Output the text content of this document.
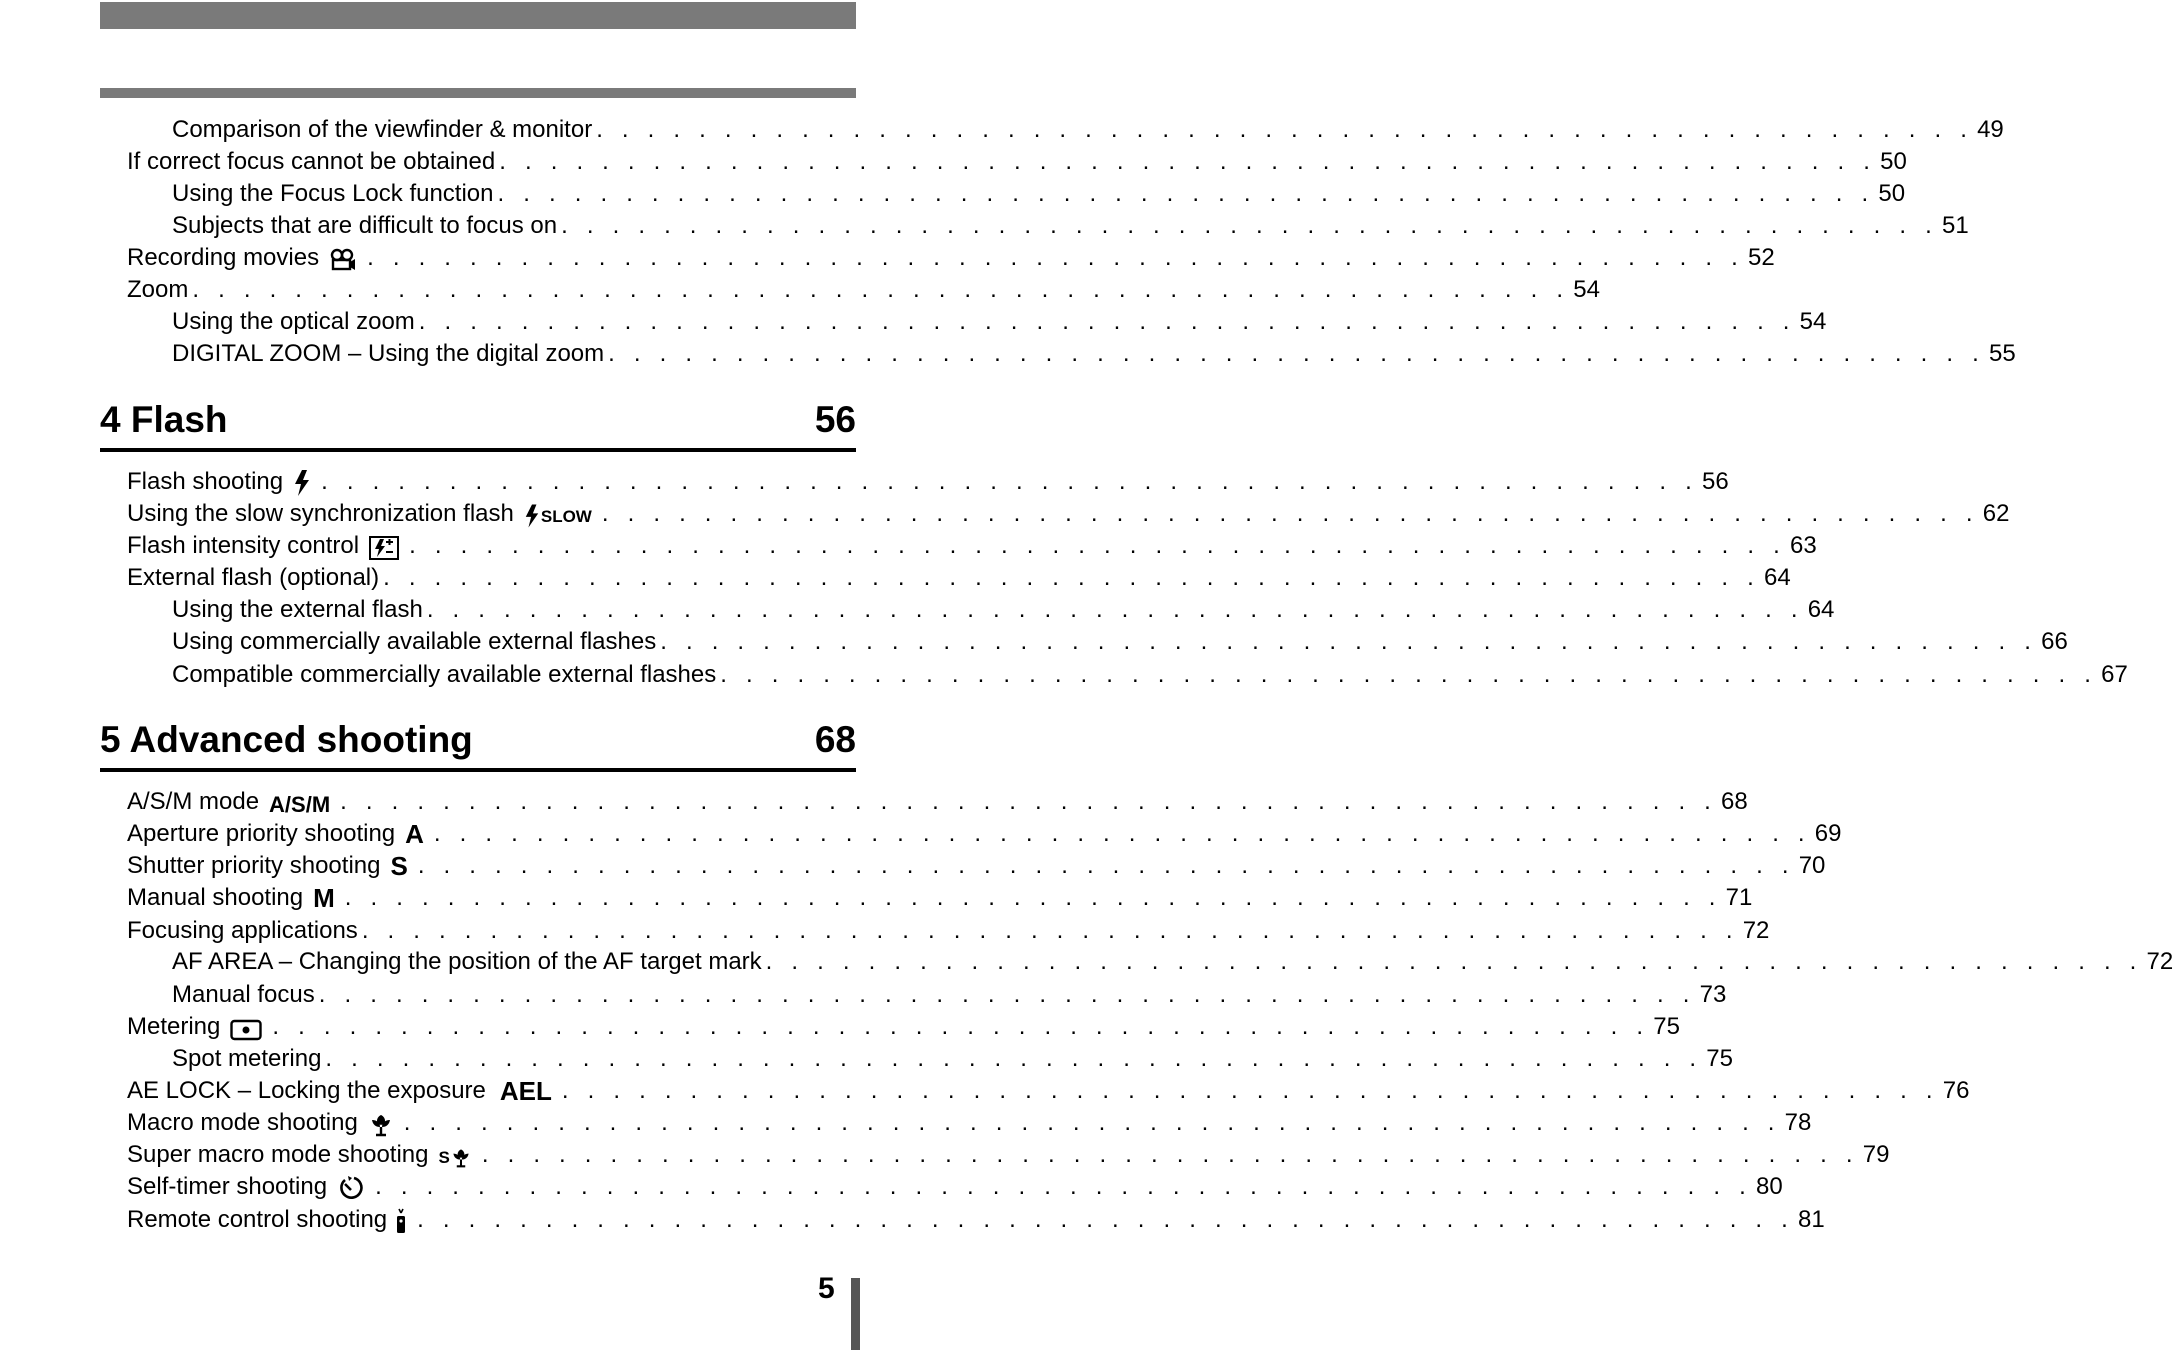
Comparison of the viewfinder & monitor . . . . . . . . . . . . . . . . . . . . . . . . . . . . . . . . . . . . . . . . . . . . . . . . . . . . . . 49
If correct focus cannot be obtained . . . . . . . . . . . . . . . . . . . . . . . . . . . . . . . . . . . . . . . . . . . . . . . . . . . . . . 50
Using the Focus Lock function . . . . . . . . . . . . . . . . . . . . . . . . . . . . . . . . . . . . . . . . . . . . . . . . . . . . . . 50
Subjects that are difficult to focus on . . . . . . . . . . . . . . . . . . . . . . . . . . . . . . . . . . . . . . . . . . . . . . . . . . . . . . 51
Recording movies . . . . . . . . . . . . . . . . . . . . . . . . . . . . . . . . . . . . . . . . . . . . . . . . . . . . . . 52
Zoom . . . . . . . . . . . . . . . . . . . . . . . . . . . . . . . . . . . . . . . . . . . . . . . . . . . . . . 54
Using the optical zoom . . . . . . . . . . . . . . . . . . . . . . . . . . . . . . . . . . . . . . . . . . . . . . . . . . . . . . 54
DIGITAL ZOOM – Using the digital zoom . . . . . . . . . . . . . . . . . . . . . . . . . . . . . . . . . . . . . . . . . . . . . . . . . . . . . . 55
4 Flash	56
Flash shooting . . . . . . . . . . . . . . . . . . . . . . . . . . . . . . . . . . . . . . . . . . . . . . . . . . . . . . 56
Using the slow synchronization flash SLOW . . . . . . . . . . . . . . . . . . . . . . . . . . . . . . . . . . . . . . . . . . . . . . . . . . . . . . 62
Flash intensity control . . . . . . . . . . . . . . . . . . . . . . . . . . . . . . . . . . . . . . . . . . . . . . . . . . . . . . 63
External flash (optional) . . . . . . . . . . . . . . . . . . . . . . . . . . . . . . . . . . . . . . . . . . . . . . . . . . . . . . 64
Using the external flash . . . . . . . . . . . . . . . . . . . . . . . . . . . . . . . . . . . . . . . . . . . . . . . . . . . . . . 64
Using commercially available external flashes . . . . . . . . . . . . . . . . . . . . . . . . . . . . . . . . . . . . . . . . . . . . . . . . . . . . . . 66
Compatible commercially available external flashes . . . . . . . . . . . . . . . . . . . . . . . . . . . . . . . . . . . . . . . . . . . . . . . . . . . . . . 67
5 Advanced shooting	68
A/S/M mode A/S/M . . . . . . . . . . . . . . . . . . . . . . . . . . . . . . . . . . . . . . . . . . . . . . . . . . . . . . 68
Aperture priority shooting A . . . . . . . . . . . . . . . . . . . . . . . . . . . . . . . . . . . . . . . . . . . . . . . . . . . . . . 69
Shutter priority shooting S . . . . . . . . . . . . . . . . . . . . . . . . . . . . . . . . . . . . . . . . . . . . . . . . . . . . . . 70
Manual shooting M . . . . . . . . . . . . . . . . . . . . . . . . . . . . . . . . . . . . . . . . . . . . . . . . . . . . . . 71
Focusing applications . . . . . . . . . . . . . . . . . . . . . . . . . . . . . . . . . . . . . . . . . . . . . . . . . . . . . . 72
AF AREA – Changing the position of the AF target mark . . . . . . . . . . . . . . . . . . . . . . . . . . . . . . . . . . . . . . . . . . . . . . . . . . . . . . 72
Manual focus . . . . . . . . . . . . . . . . . . . . . . . . . . . . . . . . . . . . . . . . . . . . . . . . . . . . . . 73
Metering . . . . . . . . . . . . . . . . . . . . . . . . . . . . . . . . . . . . . . . . . . . . . . . . . . . . . . 75
Spot metering . . . . . . . . . . . . . . . . . . . . . . . . . . . . . . . . . . . . . . . . . . . . . . . . . . . . . . 75
AE LOCK – Locking the exposure AEL . . . . . . . . . . . . . . . . . . . . . . . . . . . . . . . . . . . . . . . . . . . . . . . . . . . . . . 76
Macro mode shooting . . . . . . . . . . . . . . . . . . . . . . . . . . . . . . . . . . . . . . . . . . . . . . . . . . . . . . 78
Super macro mode shooting S . . . . . . . . . . . . . . . . . . . . . . . . . . . . . . . . . . . . . . . . . . . . . . . . . . . . . . 79
Self-timer shooting . . . . . . . . . . . . . . . . . . . . . . . . . . . . . . . . . . . . . . . . . . . . . . . . . . . . . . 80
Remote control shooting . . . . . . . . . . . . . . . . . . . . . . . . . . . . . . . . . . . . . . . . . . . . . . . . . . . . . . 81
5
